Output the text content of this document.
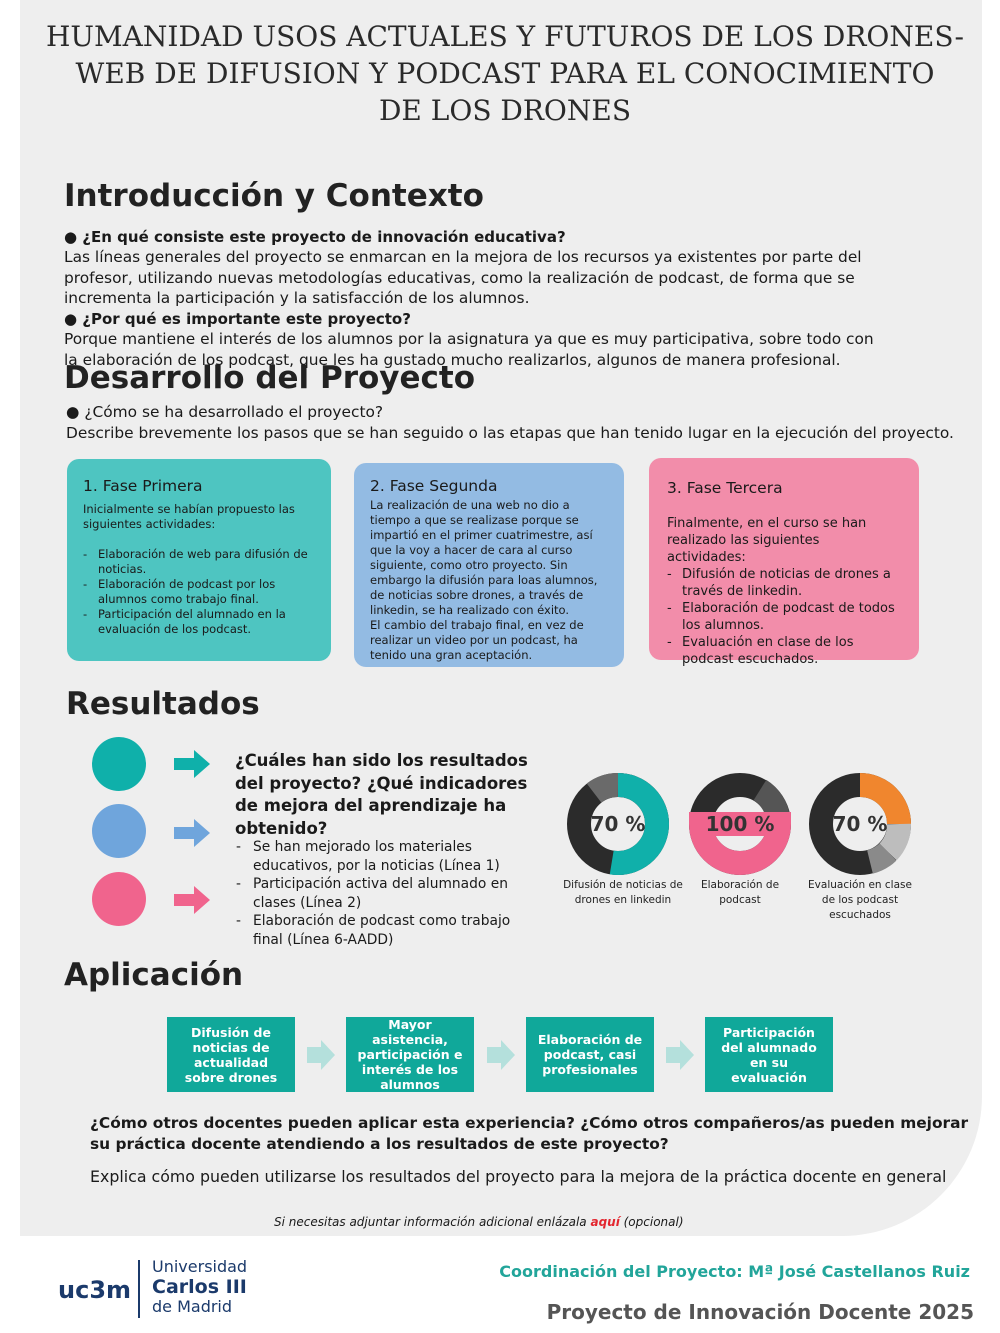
HUMANIDAD USOS ACTUALES Y FUTUROS DE LOS DRONES-
WEB DE DIFUSION Y PODCAST PARA EL CONOCIMIENTO
DE LOS DRONES
Introducción y Contexto

● ¿En qué consiste este proyecto de innovación educativa?

Las líneas generales del proyecto se enmarcan en la mejora de los recursos ya existentes por parte del

profesor, utilizando nuevas metodologías educativas, como la realización de podcast, de forma que se

incrementa la participación y la satisfacción de los alumnos.

● ¿Por qué es importante este proyecto?

Porque mantiene el interés de los alumnos por la asignatura ya que es muy participativa, sobre todo con

la elaboración de los podcast, que les ha gustado mucho realizarlos, algunos de manera profesional.

Desarrollo del Proyecto

● ¿Cómo se ha desarrollado el proyecto?

Describe brevemente los pasos que se han seguido o las etapas que han tenido lugar en la ejecución del proyecto.

1. Fase Primera

Inicialmente se habían propuesto las siguientes actividades:

- Elaboración de web para difusión de noticias.
- Elaboración de podcast por los alumnos como trabajo final.
- Participación del alumnado en la evaluación de los podcast.
2. Fase Segunda

La realización de una web no dio a tiempo a que se realizase porque se impartió en el primer cuatrimestre, así que la voy a hacer de cara al curso siguiente, como otro proyecto. Sin embargo la difusión para loas alumnos, de noticias sobre drones, a través de linkedin, se ha realizado con éxito.

El cambio del trabajo final, en vez de realizar un video por un podcast, ha tenido una gran aceptación.

3. Fase Tercera

Finalmente, en el curso se han realizado las siguientes actividades:

- Difusión de noticias de drones a través de linkedin.
- Elaboración de podcast de todos los alumnos.
- Evaluación en clase de los podcast escuchados.
Resultados

¿Cuáles han sido los resultados del proyecto? ¿Qué indicadores de mejora del aprendizaje ha obtenido?

- Se han mejorado los materiales educativos, por la noticias (Línea 1)
- Participación activa del alumnado en clases (Línea 2)
- Elaboración de podcast como trabajo final (Línea 6-AADD)
70 %
Difusión de noticias de
drones en linkedin
100 %
Elaboración de
podcast
70 %
Evaluación en clase
de los podcast
escuchados
Aplicación
Difusión de noticias de actualidad sobre drones
Mayor asistencia, participación e interés de los alumnos
Elaboración de podcast, casi profesionales
Participación del alumnado en su evaluación

¿Cómo otros docentes pueden aplicar esta experiencia? ¿Cómo otros compañeros/as pueden mejorar su práctica docente atendiendo a los resultados de este proyecto?

Explica cómo pueden utilizarse los resultados del proyecto para la mejora de la práctica docente en general

Si necesitas adjuntar información adicional enlázala aquí (opcional)

uc3m
Universidad
Carlos III
de Madrid

Coordinación del Proyecto: Mª José Castellanos Ruiz

Proyecto de Innovación Docente 2025
